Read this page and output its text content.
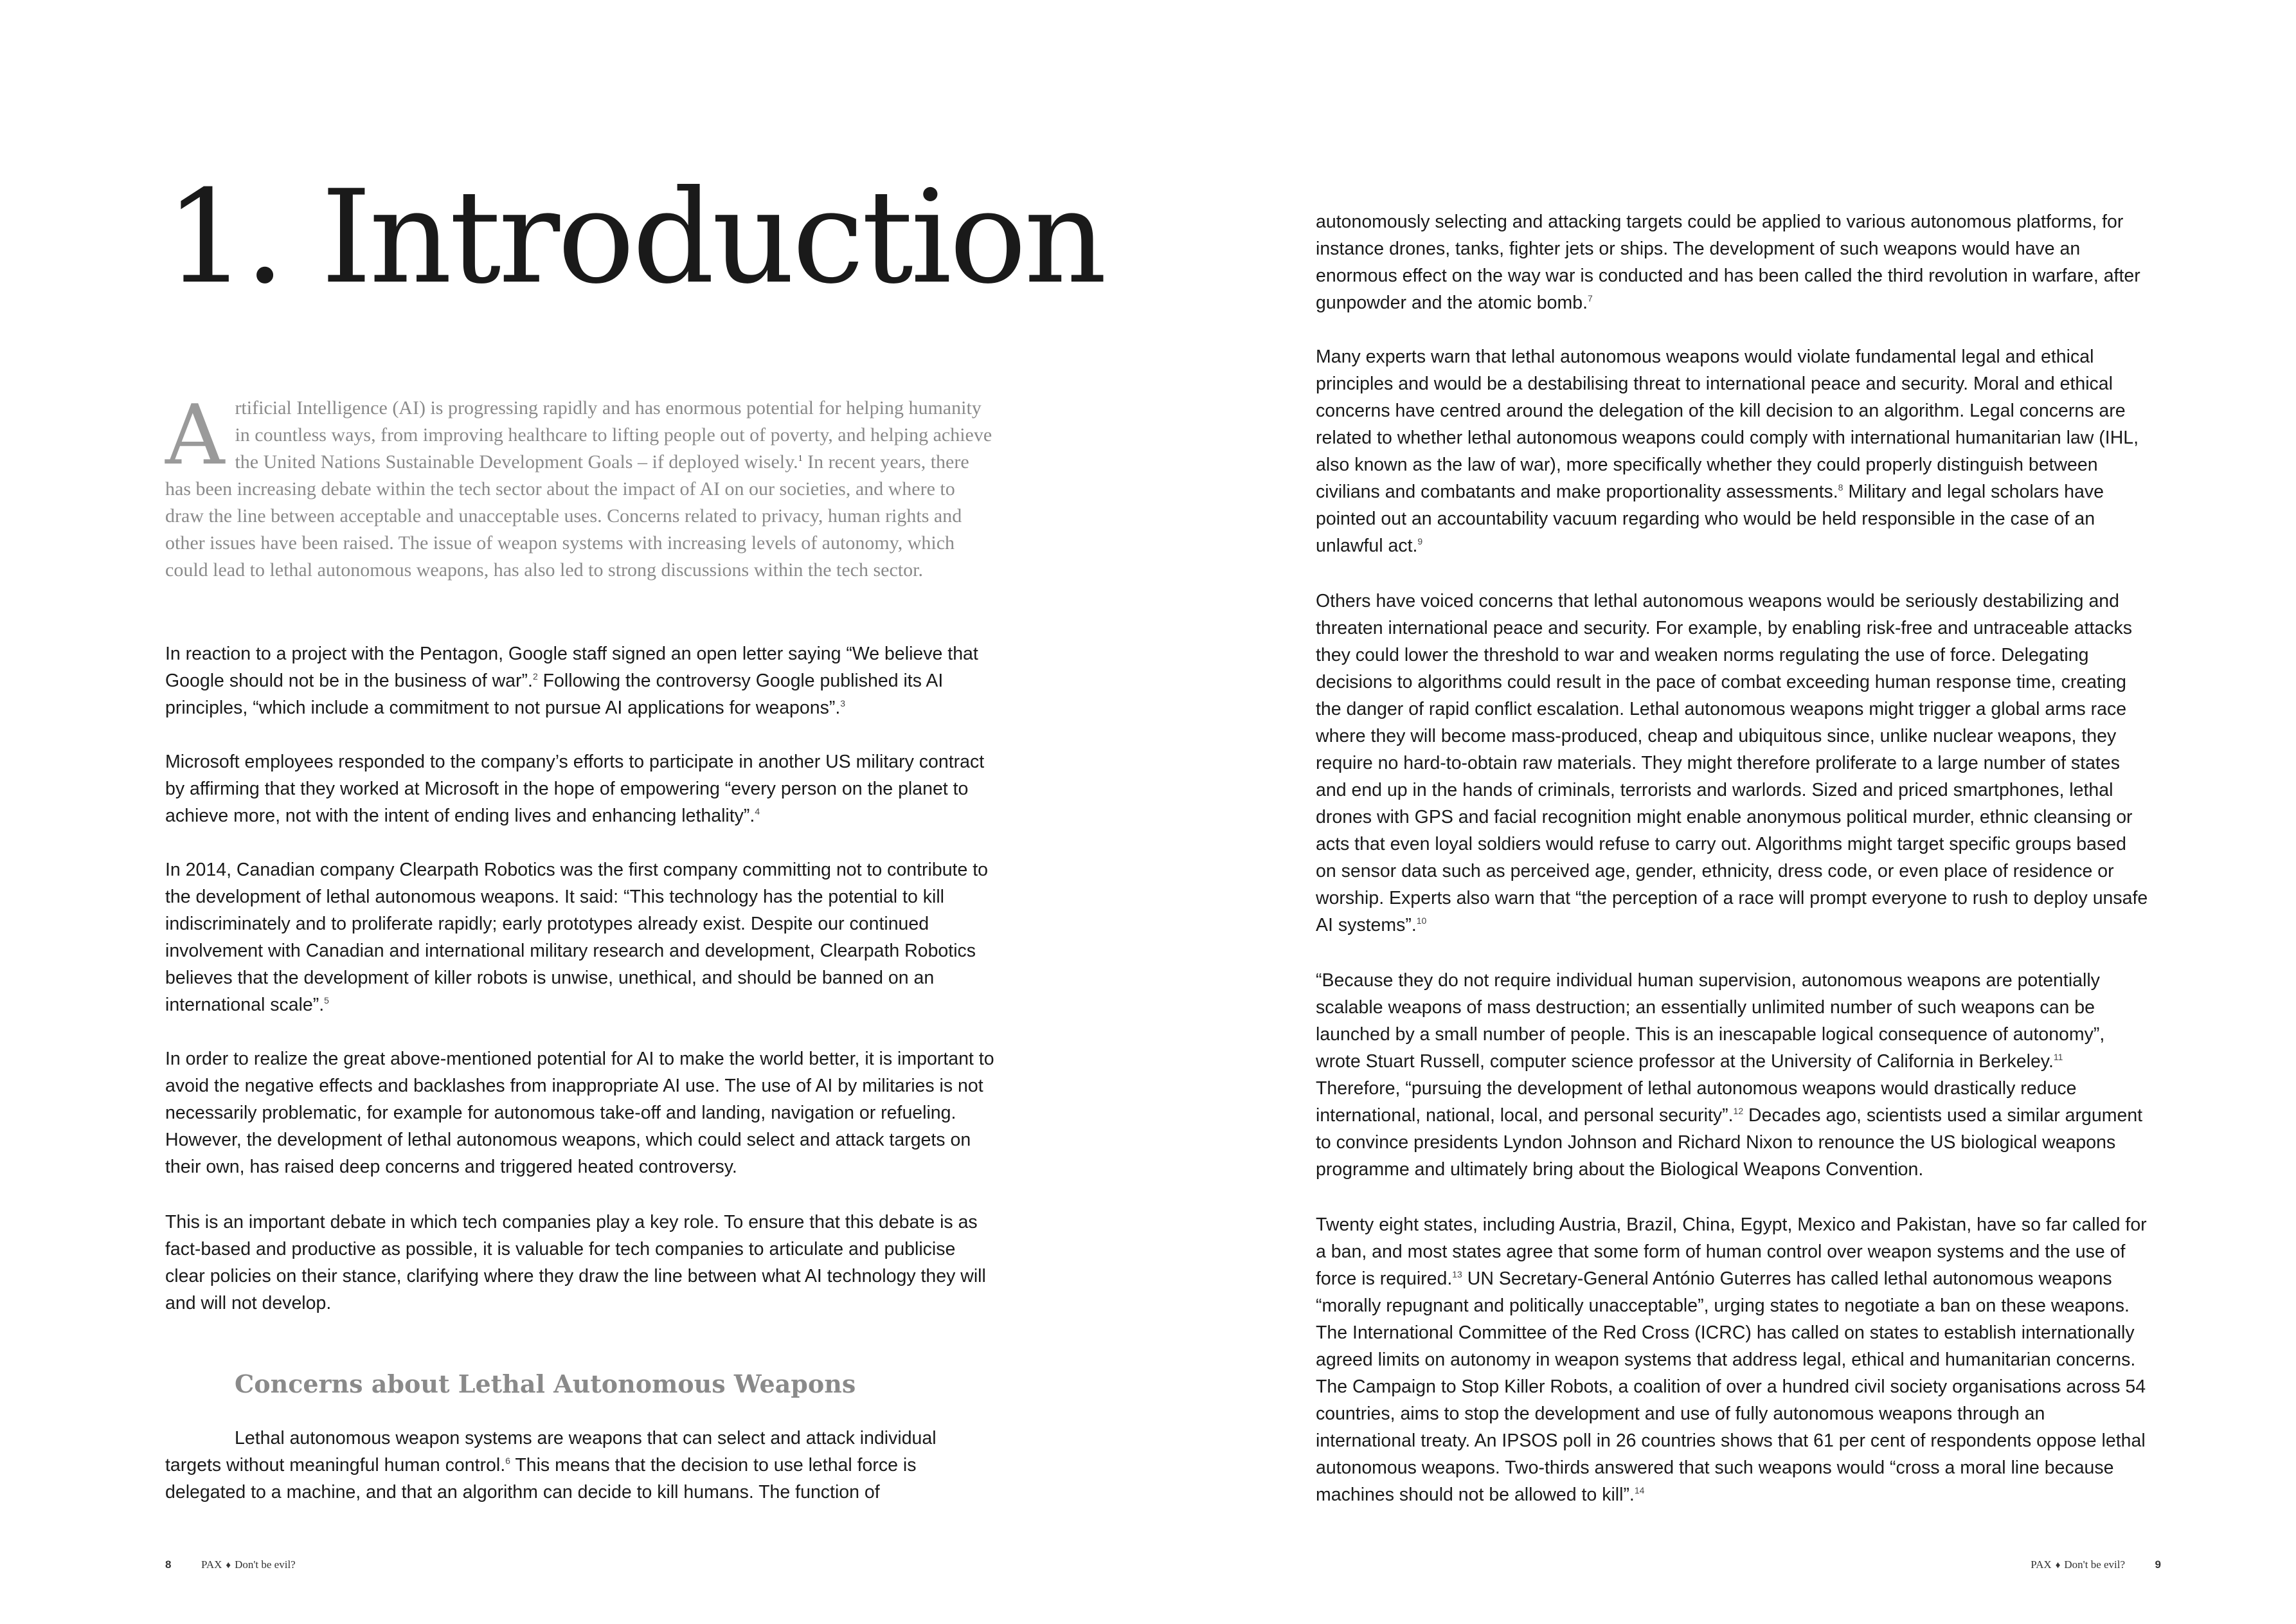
1. Introduction

Artificial Intelligence (AI) is progressing rapidly and has enormous potential for helping humanity in countless ways, from improving healthcare to lifting people out of poverty, and helping achieve the United Nations Sustainable Development Goals – if deployed wisely.$^1$ In recent years, there has been increasing debate within the tech sector about the impact of AI on our societies, and where to draw the line between acceptable and unacceptable uses. Concerns related to privacy, human rights and other issues have been raised. The issue of weapon systems with increasing levels of autonomy, which could lead to lethal autonomous weapons, has also led to strong discussions within the tech sector.

In reaction to a project with the Pentagon, Google staff signed an open letter saying “We believe that Google should not be in the business of war”.$^2$ Following the controversy Google published its AI principles, “which include a commitment to not pursue AI applications for weapons”.$^3$

Microsoft employees responded to the company’s efforts to participate in another US military contract by affirming that they worked at Microsoft in the hope of empowering “every person on the planet to achieve more, not with the intent of ending lives and enhancing lethality”.$^4$

In 2014, Canadian company Clearpath Robotics was the first company committing not to contribute to the development of lethal autonomous weapons. It said: “This technology has the potential to kill indiscriminately and to proliferate rapidly; early prototypes already exist. Despite our continued involvement with Canadian and international military research and development, Clearpath Robotics believes that the development of killer robots is unwise, unethical, and should be banned on an international scale”.$^5$

In order to realize the great above-mentioned potential for AI to make the world better, it is important to avoid the negative effects and backlashes from inappropriate AI use. The use of AI by militaries is not necessarily problematic, for example for autonomous take-off and landing, navigation or refueling. However, the development of lethal autonomous weapons, which could select and attack targets on their own, has raised deep concerns and triggered heated controversy.

This is an important debate in which tech companies play a key role. To ensure that this debate is as fact-based and productive as possible, it is valuable for tech companies to articulate and publicise clear policies on their stance, clarifying where they draw the line between what AI technology they will and will not develop.

Concerns about Lethal Autonomous Weapons

Lethal autonomous weapon systems are weapons that can select and attack individual targets without meaningful human control.$^6$ This means that the decision to use lethal force is delegated to a machine, and that an algorithm can decide to kill humans. The function of

8	PAX ♦ Don't be evil?

autonomously selecting and attacking targets could be applied to various autonomous platforms, for instance drones, tanks, fighter jets or ships. The development of such weapons would have an enormous effect on the way war is conducted and has been called the third revolution in warfare, after gunpowder and the atomic bomb.$^7$

Many experts warn that lethal autonomous weapons would violate fundamental legal and ethical principles and would be a destabilising threat to international peace and security. Moral and ethical concerns have centred around the delegation of the kill decision to an algorithm. Legal concerns are related to whether lethal autonomous weapons could comply with international humanitarian law (IHL, also known as the law of war), more specifically whether they could properly distinguish between civilians and combatants and make proportionality assessments.$^8$ Military and legal scholars have pointed out an accountability vacuum regarding who would be held responsible in the case of an unlawful act.$^9$

Others have voiced concerns that lethal autonomous weapons would be seriously destabilizing and threaten international peace and security. For example, by enabling risk-free and untraceable attacks they could lower the threshold to war and weaken norms regulating the use of force. Delegating decisions to algorithms could result in the pace of combat exceeding human response time, creating the danger of rapid conflict escalation. Lethal autonomous weapons might trigger a global arms race where they will become mass-produced, cheap and ubiquitous since, unlike nuclear weapons, they require no hard-to-obtain raw materials. They might therefore proliferate to a large number of states and end up in the hands of criminals, terrorists and warlords. Sized and priced smartphones, lethal drones with GPS and facial recognition might enable anonymous political murder, ethnic cleansing or acts that even loyal soldiers would refuse to carry out. Algorithms might target specific groups based on sensor data such as perceived age, gender, ethnicity, dress code, or even place of residence or worship. Experts also warn that “the perception of a race will prompt everyone to rush to deploy unsafe AI systems”.$^{10}$

“Because they do not require individual human supervision, autonomous weapons are potentially scalable weapons of mass destruction; an essentially unlimited number of such weapons can be launched by a small number of people. This is an inescapable logical consequence of autonomy”, wrote Stuart Russell, computer science professor at the University of California in Berkeley.$^{11}$ Therefore, “pursuing the development of lethal autonomous weapons would drastically reduce international, national, local, and personal security”.$^{12}$ Decades ago, scientists used a similar argument to convince presidents Lyndon Johnson and Richard Nixon to renounce the US biological weapons programme and ultimately bring about the Biological Weapons Convention.

Twenty eight states, including Austria, Brazil, China, Egypt, Mexico and Pakistan, have so far called for a ban, and most states agree that some form of human control over weapon systems and the use of force is required.$^{13}$ UN Secretary-General António Guterres has called lethal autonomous weapons “morally repugnant and politically unacceptable”, urging states to negotiate a ban on these weapons. The International Committee of the Red Cross (ICRC) has called on states to establish internationally agreed limits on autonomy in weapon systems that address legal, ethical and humanitarian concerns. The Campaign to Stop Killer Robots, a coalition of over a hundred civil society organisations across 54 countries, aims to stop the development and use of fully autonomous weapons through an international treaty. An IPSOS poll in 26 countries shows that 61 per cent of respondents oppose lethal autonomous weapons. Two-thirds answered that such weapons would “cross a moral line because machines should not be allowed to kill”.$^{14}$

PAX ♦ Don't be evil?	9
